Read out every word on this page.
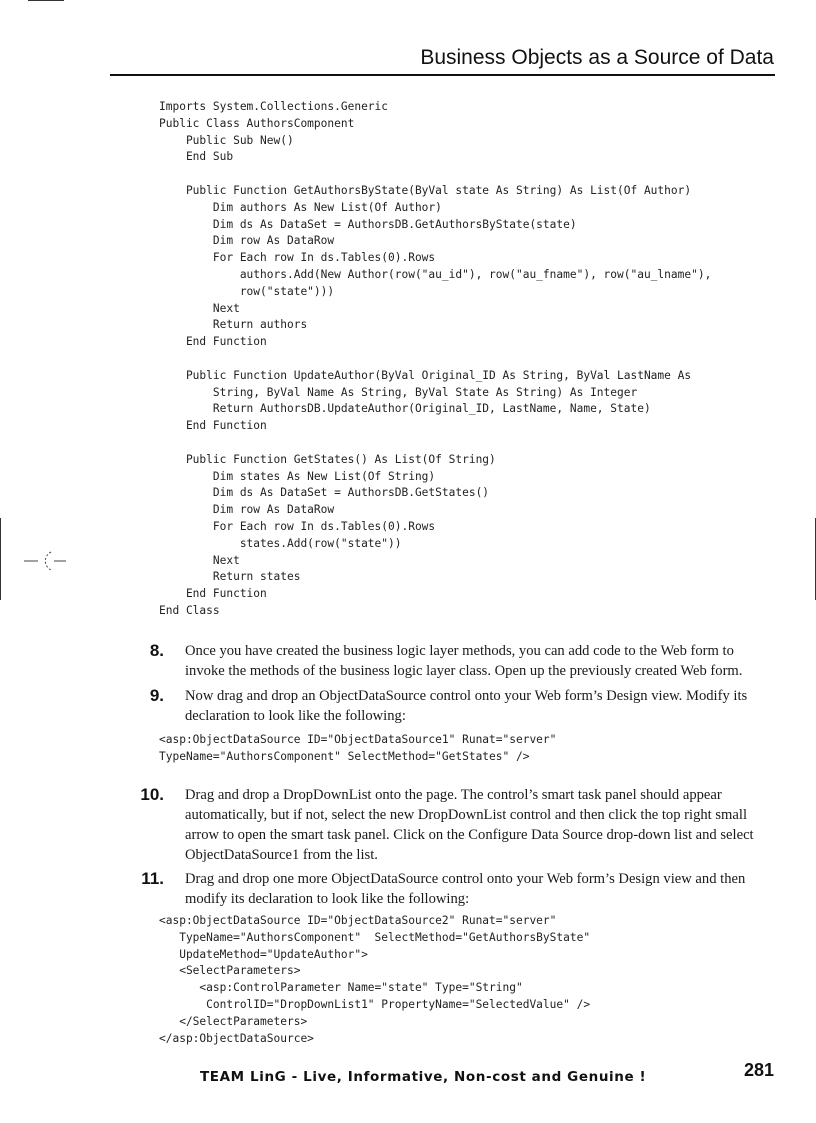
Business Objects as a Source of Data
Imports System.Collections.Generic
Public Class AuthorsComponent
Public Sub New()
End Sub
Public Function GetAuthorsByState(ByVal state As String) As List(Of Author)
Dim authors As New List(Of Author)
Dim ds As DataSet = AuthorsDB.GetAuthorsByState(state)
Dim row As DataRow
For Each row In ds.Tables(0).Rows
authors.Add(New Author(row("au_id"), row("au_fname"), row("au_lname"),
row("state")))
Next
Return authors
End Function
Public Function UpdateAuthor(ByVal Original_ID As String, ByVal LastName As
String, ByVal Name As String, ByVal State As String) As Integer
Return AuthorsDB.UpdateAuthor(Original_ID, LastName, Name, State)
End Function
Public Function GetStates() As List(Of String)
Dim states As New List(Of String)
Dim ds As DataSet = AuthorsDB.GetStates()
Dim row As DataRow
For Each row In ds.Tables(0).Rows
states.Add(row("state"))
Next
Return states
End Function
End Class
8. Once you have created the business logic layer methods, you can add code to the Web form to invoke the methods of the business logic layer class. Open up the previously created Web form.
9. Now drag and drop an ObjectDataSource control onto your Web form’s Design view. Modify its declaration to look like the following:
<asp:ObjectDataSource ID="ObjectDataSource1" Runat="server"
TypeName="AuthorsComponent" SelectMethod="GetStates" />
10. Drag and drop a DropDownList onto the page. The control’s smart task panel should appear automatically, but if not, select the new DropDownList control and then click the top right small arrow to open the smart task panel. Click on the Configure Data Source drop-down list and select ObjectDataSource1 from the list.
11. Drag and drop one more ObjectDataSource control onto your Web form’s Design view and then modify its declaration to look like the following:
<asp:ObjectDataSource ID="ObjectDataSource2" Runat="server"
TypeName="AuthorsComponent"  SelectMethod="GetAuthorsByState"
UpdateMethod="UpdateAuthor">
<SelectParameters>
<asp:ControlParameter Name="state" Type="String"
ControlID="DropDownList1" PropertyName="SelectedValue" />
</SelectParameters>
</asp:ObjectDataSource>
TEAM LinG - Live, Informative, Non-cost and Genuine !	281
